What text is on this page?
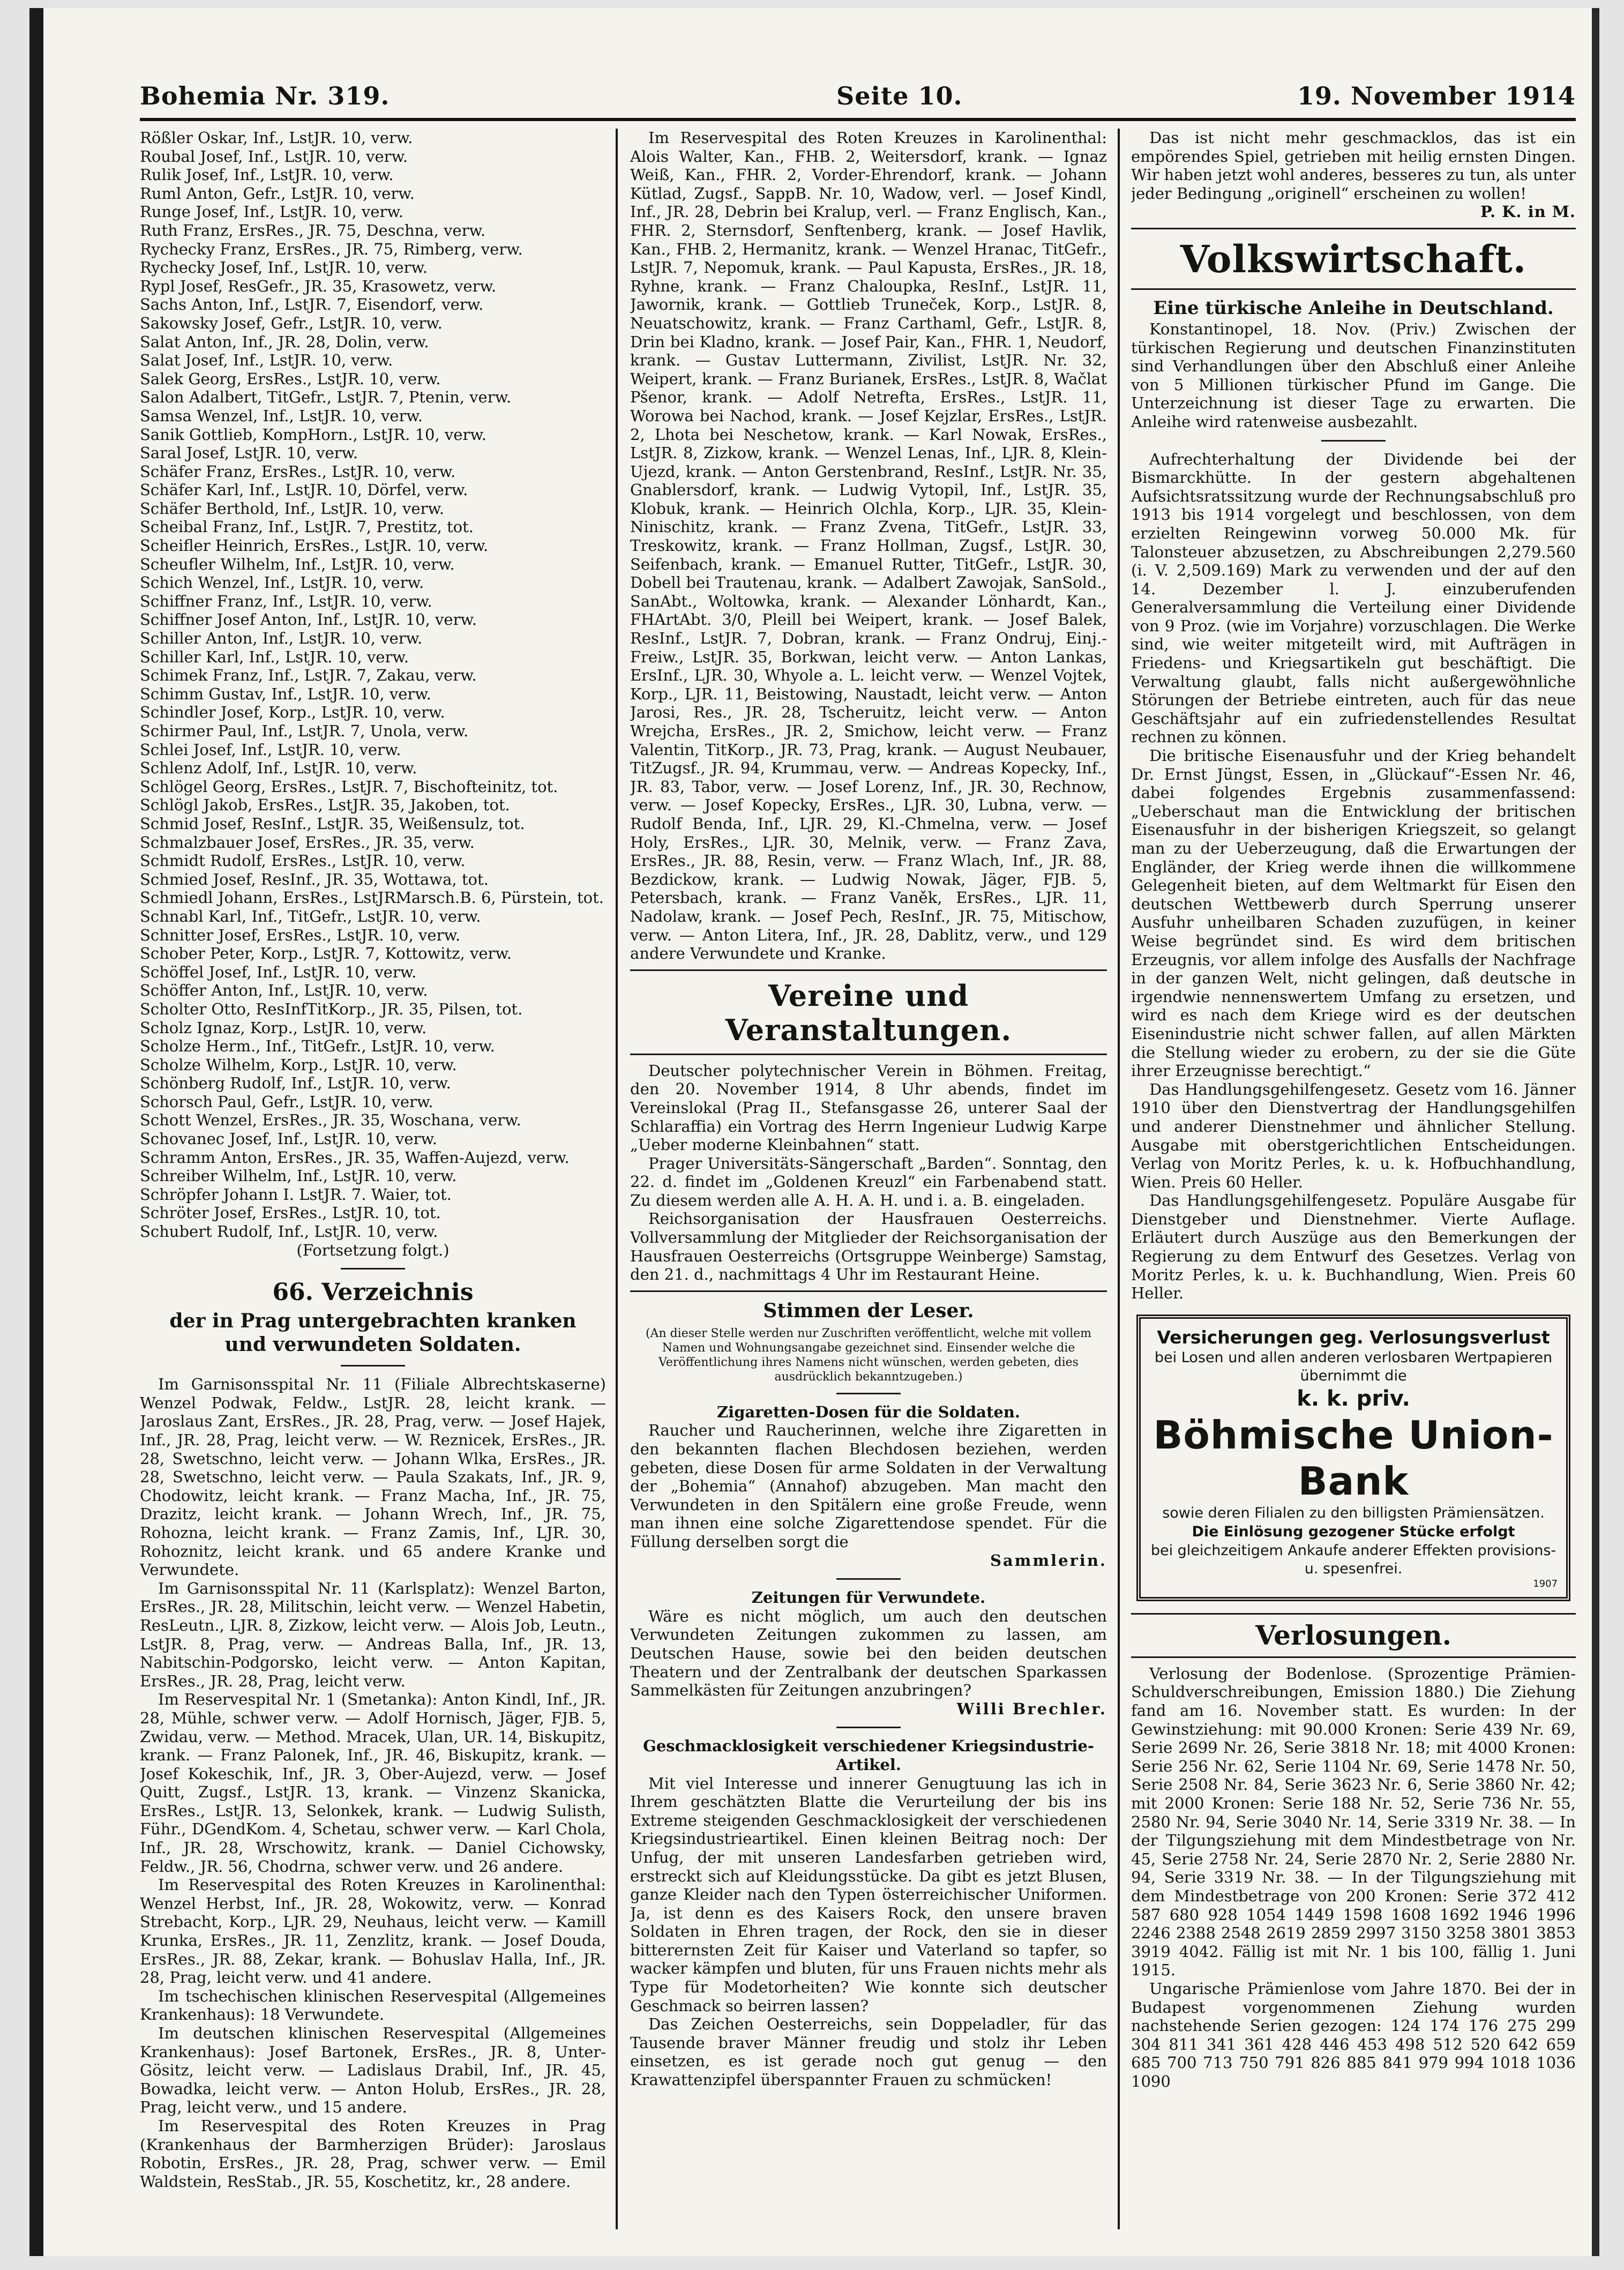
Bohemia Nr. 319.	Seite 10.	19. November 1914

Rößler Oskar, Inf., LstJR. 10, verw.

Roubal Josef, Inf., LstJR. 10, verw.

Rulik Josef, Inf., LstJR. 10, verw.

Ruml Anton, Gefr., LstJR. 10, verw.

Runge Josef, Inf., LstJR. 10, verw.

Ruth Franz, ErsRes., JR. 75, Deschna, verw.

Rychecky Franz, ErsRes., JR. 75, Rimberg, verw.

Rychecky Josef, Inf., LstJR. 10, verw.

Rypl Josef, ResGefr., JR. 35, Krasowetz, verw.

Sachs Anton, Inf., LstJR. 7, Eisendorf, verw.

Sakowsky Josef, Gefr., LstJR. 10, verw.

Salat Anton, Inf., JR. 28, Dolin, verw.

Salat Josef, Inf., LstJR. 10, verw.

Salek Georg, ErsRes., LstJR. 10, verw.

Salon Adalbert, TitGefr., LstJR. 7, Ptenin, verw.

Samsa Wenzel, Inf., LstJR. 10, verw.

Sanik Gottlieb, KompHorn., LstJR. 10, verw.

Saral Josef, LstJR. 10, verw.

Schäfer Franz, ErsRes., LstJR. 10, verw.

Schäfer Karl, Inf., LstJR. 10, Dörfel, verw.

Schäfer Berthold, Inf., LstJR. 10, verw.

Scheibal Franz, Inf., LstJR. 7, Prestitz, tot.

Scheifler Heinrich, ErsRes., LstJR. 10, verw.

Scheufler Wilhelm, Inf., LstJR. 10, verw.

Schich Wenzel, Inf., LstJR. 10, verw.

Schiffner Franz, Inf., LstJR. 10, verw.

Schiffner Josef Anton, Inf., LstJR. 10, verw.

Schiller Anton, Inf., LstJR. 10, verw.

Schiller Karl, Inf., LstJR. 10, verw.

Schimek Franz, Inf., LstJR. 7, Zakau, verw.

Schimm Gustav, Inf., LstJR. 10, verw.

Schindler Josef, Korp., LstJR. 10, verw.

Schirmer Paul, Inf., LstJR. 7, Unola, verw.

Schlei Josef, Inf., LstJR. 10, verw.

Schlenz Adolf, Inf., LstJR. 10, verw.

Schlögel Georg, ErsRes., LstJR. 7, Bischofteinitz, tot.

Schlögl Jakob, ErsRes., LstJR. 35, Jakoben, tot.

Schmid Josef, ResInf., LstJR. 35, Weißensulz, tot.

Schmalzbauer Josef, ErsRes., JR. 35, verw.

Schmidt Rudolf, ErsRes., LstJR. 10, verw.

Schmied Josef, ResInf., JR. 35, Wottawa, tot.

Schmiedl Johann, ErsRes., LstJRMarsch.B. 6, Pürstein, tot.

Schnabl Karl, Inf., TitGefr., LstJR. 10, verw.

Schnitter Josef, ErsRes., LstJR. 10, verw.

Schober Peter, Korp., LstJR. 7, Kottowitz, verw.

Schöffel Josef, Inf., LstJR. 10, verw.

Schöffer Anton, Inf., LstJR. 10, verw.

Scholter Otto, ResInfTitKorp., JR. 35, Pilsen, tot.

Scholz Ignaz, Korp., LstJR. 10, verw.

Scholze Herm., Inf., TitGefr., LstJR. 10, verw.

Scholze Wilhelm, Korp., LstJR. 10, verw.

Schönberg Rudolf, Inf., LstJR. 10, verw.

Schorsch Paul, Gefr., LstJR. 10, verw.

Schott Wenzel, ErsRes., JR. 35, Woschana, verw.

Schovanec Josef, Inf., LstJR. 10, verw.

Schramm Anton, ErsRes., JR. 35, Waffen-Aujezd, verw.

Schreiber Wilhelm, Inf., LstJR. 10, verw.

Schröpfer Johann I. LstJR. 7. Waier, tot.

Schröter Josef, ErsRes., LstJR. 10, tot.

Schubert Rudolf, Inf., LstJR. 10, verw.

(Fortsetzung folgt.)

66. Verzeichnis
der in Prag untergebrachten kranken
und verwundeten Soldaten.

Im Garnisonsspital Nr. 11 (Filiale Albrechtskaserne) Wenzel Podwak, Feldw., LstJR. 28, leicht krank. — Jaroslaus Zant, ErsRes., JR. 28, Prag, verw. — Josef Hajek, Inf., JR. 28, Prag, leicht verw. — W. Reznicek, ErsRes., JR. 28, Swetschno, leicht verw. — Johann Wlka, ErsRes., JR. 28, Swetschno, leicht verw. — Paula Szakats, Inf., JR. 9, Chodowitz, leicht krank. — Franz Macha, Inf., JR. 75, Drazitz, leicht krank. — Johann Wrech, Inf., JR. 75, Rohozna, leicht krank. — Franz Zamis, Inf., LJR. 30, Rohoznitz, leicht krank. und 65 andere Kranke und Verwundete.

Im Garnisonsspital Nr. 11 (Karlsplatz): Wenzel Barton, ErsRes., JR. 28, Militschin, leicht verw. — Wenzel Habetin, ResLeutn., LJR. 8, Zizkow, leicht verw. — Alois Job, Leutn., LstJR. 8, Prag, verw. — Andreas Balla, Inf., JR. 13, Nabitschin-Podgorsko, leicht verw. — Anton Kapitan, ErsRes., JR. 28, Prag, leicht verw.

Im Reservespital Nr. 1 (Smetanka): Anton Kindl, Inf., JR. 28, Mühle, schwer verw. — Adolf Hornisch, Jäger, FJB. 5, Zwidau, verw. — Method. Mracek, Ulan, UR. 14, Biskupitz, krank. — Franz Palonek, Inf., JR. 46, Biskupitz, krank. — Josef Kokeschik, Inf., JR. 3, Ober-Aujezd, verw. — Josef Quitt, Zugsf., LstJR. 13, krank. — Vinzenz Skanicka, ErsRes., LstJR. 13, Selonkek, krank. — Ludwig Sulisth, Führ., DGendKom. 4, Schetau, schwer verw. — Karl Chola, Inf., JR. 28, Wrschowitz, krank. — Daniel Cichowsky, Feldw., JR. 56, Chodrna, schwer verw. und 26 andere.

Im Reservespital des Roten Kreuzes in Karolinenthal: Wenzel Herbst, Inf., JR. 28, Wokowitz, verw. — Konrad Strebacht, Korp., LJR. 29, Neuhaus, leicht verw. — Kamill Krunka, ErsRes., JR. 11, Zenzlitz, krank. — Josef Douda, ErsRes., JR. 88, Zekar, krank. — Bohuslav Halla, Inf., JR. 28, Prag, leicht verw. und 41 andere.

Im tschechischen klinischen Reservespital (Allgemeines Krankenhaus): 18 Verwundete.

Im deutschen klinischen Reservespital (Allgemeines Krankenhaus): Josef Bartonek, ErsRes., JR. 8, Unter-Gösitz, leicht verw. — Ladislaus Drabil, Inf., JR. 45, Bowadka, leicht verw. — Anton Holub, ErsRes., JR. 28, Prag, leicht verw., und 15 andere.

Im Reservespital des Roten Kreuzes in Prag (Krankenhaus der Barmherzigen Brüder): Jaroslaus Robotin, ErsRes., JR. 28, Prag, schwer verw. — Emil Waldstein, ResStab., JR. 55, Koschetitz, kr., 28 andere.

Im Reservespital des Roten Kreuzes in Karolinenthal: Alois Walter, Kan., FHB. 2, Weitersdorf, krank. — Ignaz Weiß, Kan., FHR. 2, Vorder-Ehrendorf, krank. — Johann Kütlad, Zugsf., SappB. Nr. 10, Wadow, verl. — Josef Kindl, Inf., JR. 28, Debrin bei Kralup, verl. — Franz Englisch, Kan., FHR. 2, Sternsdorf, Senftenberg, krank. — Josef Havlik, Kan., FHB. 2, Hermanitz, krank. — Wenzel Hranac, TitGefr., LstJR. 7, Nepomuk, krank. — Paul Kapusta, ErsRes., JR. 18, Ryhne, krank. — Franz Chaloupka, ResInf., LstJR. 11, Jawornik, krank. — Gottlieb Truneček, Korp., LstJR. 8, Neuatschowitz, krank. — Franz Carthaml, Gefr., LstJR. 8, Drin bei Kladno, krank. — Josef Pair, Kan., FHR. 1, Neudorf, krank. — Gustav Luttermann, Zivilist, LstJR. Nr. 32, Weipert, krank. — Franz Burianek, ErsRes., LstJR. 8, Wačlat Pšenor, krank. — Adolf Netrefta, ErsRes., LstJR. 11, Worowa bei Nachod, krank. — Josef Kejzlar, ErsRes., LstJR. 2, Lhota bei Neschetow, krank. — Karl Nowak, ErsRes., LstJR. 8, Zizkow, krank. — Wenzel Lenas, Inf., LJR. 8, Klein-Ujezd, krank. — Anton Gerstenbrand, ResInf., LstJR. Nr. 35, Gnablersdorf, krank. — Ludwig Vytopil, Inf., LstJR. 35, Klobuk, krank. — Heinrich Olchla, Korp., LJR. 35, Klein-Ninischitz, krank. — Franz Zvena, TitGefr., LstJR. 33, Treskowitz, krank. — Franz Hollman, Zugsf., LstJR. 30, Seifenbach, krank. — Emanuel Rutter, TitGefr., LstJR. 30, Dobell bei Trautenau, krank. — Adalbert Zawojak, SanSold., SanAbt., Woltowka, krank. — Alexander Lönhardt, Kan., FHArtAbt. 3/0, Pleill bei Weipert, krank. — Josef Balek, ResInf., LstJR. 7, Dobran, krank. — Franz Ondruj, Einj.-Freiw., LstJR. 35, Borkwan, leicht verw. — Anton Lankas, ErsInf., LJR. 30, Whyole a. L. leicht verw. — Wenzel Vojtek, Korp., LJR. 11, Beistowing, Naustadt, leicht verw. — Anton Jarosi, Res., JR. 28, Tscheruitz, leicht verw. — Anton Wrejcha, ErsRes., JR. 2, Smichow, leicht verw. — Franz Valentin, TitKorp., JR. 73, Prag, krank. — August Neubauer, TitZugsf., JR. 94, Krummau, verw. — Andreas Kopecky, Inf., JR. 83, Tabor, verw. — Josef Lorenz, Inf., JR. 30, Rechnow, verw. — Josef Kopecky, ErsRes., LJR. 30, Lubna, verw. — Rudolf Benda, Inf., LJR. 29, Kl.-Chmelna, verw. — Josef Holy, ErsRes., LJR. 30, Melnik, verw. — Franz Zava, ErsRes., JR. 88, Resin, verw. — Franz Wlach, Inf., JR. 88, Bezdickow, krank. — Ludwig Nowak, Jäger, FJB. 5, Petersbach, krank. — Franz Vaněk, ErsRes., LJR. 11, Nadolaw, krank. — Josef Pech, ResInf., JR. 75, Mitischow, verw. — Anton Litera, Inf., JR. 28, Dablitz, verw., und 129 andere Verwundete und Kranke.

Vereine und Veranstaltungen.

Deutscher polytechnischer Verein in Böhmen. Freitag, den 20. November 1914, 8 Uhr abends, findet im Vereinslokal (Prag II., Stefansgasse 26, unterer Saal der Schlaraffia) ein Vortrag des Herrn Ingenieur Ludwig Karpe „Ueber moderne Kleinbahnen“ statt.

Prager Universitäts-Sängerschaft „Barden“. Sonntag, den 22. d. findet im „Goldenen Kreuzl“ ein Farbenabend statt. Zu diesem werden alle A. H. A. H. und i. a. B. eingeladen.

Reichsorganisation der Hausfrauen Oesterreichs. Vollversammlung der Mitglieder der Reichsorganisation der Hausfrauen Oesterreichs (Ortsgruppe Weinberge) Samstag, den 21. d., nachmittags 4 Uhr im Restaurant Heine.

Stimmen der Leser.

(An dieser Stelle werden nur Zuschriften veröffentlicht, welche mit vollem Namen und Wohnungsangabe gezeichnet sind. Einsender welche die Veröffentlichung ihres Namens nicht wünschen, werden gebeten, dies ausdrücklich bekanntzugeben.)

Zigaretten-Dosen für die Soldaten.

Raucher und Raucherinnen, welche ihre Zigaretten in den bekannten flachen Blechdosen beziehen, werden gebeten, diese Dosen für arme Soldaten in der Verwaltung der „Bohemia“ (Annahof) abzugeben. Man macht den Verwundeten in den Spitälern eine große Freude, wenn man ihnen eine solche Zigarettendose spendet. Für die Füllung derselben sorgt die

Sammlerin.

Zeitungen für Verwundete.

Wäre es nicht möglich, um auch den deutschen Verwundeten Zeitungen zukommen zu lassen, am Deutschen Hause, sowie bei den beiden deutschen Theatern und der Zentralbank der deutschen Sparkassen Sammelkästen für Zeitungen anzubringen?

Willi Brechler.

Geschmacklosigkeit verschiedener Kriegsindustrie-Artikel.

Mit viel Interesse und innerer Genugtuung las ich in Ihrem geschätzten Blatte die Verurteilung der bis ins Extreme steigenden Geschmacklosigkeit der verschiedenen Kriegsindustrieartikel. Einen kleinen Beitrag noch: Der Unfug, der mit unseren Landesfarben getrieben wird, erstreckt sich auf Kleidungsstücke. Da gibt es jetzt Blusen, ganze Kleider nach den Typen österreichischer Uniformen. Ja, ist denn es des Kaisers Rock, den unsere braven Soldaten in Ehren tragen, der Rock, den sie in dieser bitterernsten Zeit für Kaiser und Vaterland so tapfer, so wacker kämpfen und bluten, für uns Frauen nichts mehr als Type für Modetorheiten? Wie konnte sich deutscher Geschmack so beirren lassen?

Das Zeichen Oesterreichs, sein Doppeladler, für das Tausende braver Männer freudig und stolz ihr Leben einsetzen, es ist gerade noch gut genug — den Krawattenzipfel überspannter Frauen zu schmücken!

Das ist nicht mehr geschmacklos, das ist ein empörendes Spiel, getrieben mit heilig ernsten Dingen. Wir haben jetzt wohl anderes, besseres zu tun, als unter jeder Bedingung „originell“ erscheinen zu wollen!

P. K. in M.

Volkswirtschaft.
Eine türkische Anleihe in Deutschland.

Konstantinopel, 18. Nov. (Priv.) Zwischen der türkischen Regierung und deutschen Finanzinstituten sind Verhandlungen über den Abschluß einer Anleihe von 5 Millionen türkischer Pfund im Gange. Die Unterzeichnung ist dieser Tage zu erwarten. Die Anleihe wird ratenweise ausbezahlt.

Aufrechterhaltung der Dividende bei der Bismarckhütte. In der gestern abgehaltenen Aufsichtsratssitzung wurde der Rechnungsabschluß pro 1913 bis 1914 vorgelegt und beschlossen, von dem erzielten Reingewinn vorweg 50.000 Mk. für Talonsteuer abzusetzen, zu Abschreibungen 2,279.560 (i. V. 2,509.169) Mark zu verwenden und der auf den 14. Dezember l. J. einzuberufenden Generalversammlung die Verteilung einer Dividende von 9 Proz. (wie im Vorjahre) vorzuschlagen. Die Werke sind, wie weiter mitgeteilt wird, mit Aufträgen in Friedens- und Kriegsartikeln gut beschäftigt. Die Verwaltung glaubt, falls nicht außergewöhnliche Störungen der Betriebe eintreten, auch für das neue Geschäftsjahr auf ein zufriedenstellendes Resultat rechnen zu können.

Die britische Eisenausfuhr und der Krieg behandelt Dr. Ernst Jüngst, Essen, in „Glückauf“-Essen Nr. 46, dabei folgendes Ergebnis zusammenfassend: „Ueberschaut man die Entwicklung der britischen Eisenausfuhr in der bisherigen Kriegszeit, so gelangt man zu der Ueberzeugung, daß die Erwartungen der Engländer, der Krieg werde ihnen die willkommene Gelegenheit bieten, auf dem Weltmarkt für Eisen den deutschen Wettbewerb durch Sperrung unserer Ausfuhr unheilbaren Schaden zuzufügen, in keiner Weise begründet sind. Es wird dem britischen Erzeugnis, vor allem infolge des Ausfalls der Nachfrage in der ganzen Welt, nicht gelingen, daß deutsche in irgendwie nennenswertem Umfang zu ersetzen, und wird es nach dem Kriege wird es der deutschen Eisenindustrie nicht schwer fallen, auf allen Märkten die Stellung wieder zu erobern, zu der sie die Güte ihrer Erzeugnisse berechtigt.“

Das Handlungsgehilfengesetz. Gesetz vom 16. Jänner 1910 über den Dienstvertrag der Handlungsgehilfen und anderer Dienstnehmer und ähnlicher Stellung. Ausgabe mit oberstgerichtlichen Entscheidungen. Verlag von Moritz Perles, k. u. k. Hofbuchhandlung, Wien. Preis 60 Heller.

Das Handlungsgehilfengesetz. Populäre Ausgabe für Dienstgeber und Dienstnehmer. Vierte Auflage. Erläutert durch Auszüge aus den Bemerkungen der Regierung zu dem Entwurf des Gesetzes. Verlag von Moritz Perles, k. u. k. Buchhandlung, Wien. Preis 60 Heller.

Versicherungen geg. Verlosungsverlust
bei Losen und allen anderen verlosbaren Wertpapieren übernimmt die
k. k. priv.
Böhmische Union-Bank
sowie deren Filialen zu den billigsten Prämiensätzen.
Die Einlösung gezogener Stücke erfolgt
bei gleichzeitigem Ankaufe anderer Effekten provisions- u. spesenfrei.
1907
Verlosungen.

Verlosung der Bodenlose. (Sprozentige Prämien-Schuldverschreibungen, Emission 1880.) Die Ziehung fand am 16. November statt. Es wurden: In der Gewinstziehung: mit 90.000 Kronen: Serie 439 Nr. 69, Serie 2699 Nr. 26, Serie 3818 Nr. 18; mit 4000 Kronen: Serie 256 Nr. 62, Serie 1104 Nr. 69, Serie 1478 Nr. 50, Serie 2508 Nr. 84, Serie 3623 Nr. 6, Serie 3860 Nr. 42; mit 2000 Kronen: Serie 188 Nr. 52, Serie 736 Nr. 55, 2580 Nr. 94, Serie 3040 Nr. 14, Serie 3319 Nr. 38. — In der Tilgungsziehung mit dem Mindestbetrage von Nr. 45, Serie 2758 Nr. 24, Serie 2870 Nr. 2, Serie 2880 Nr. 94, Serie 3319 Nr. 38. — In der Tilgungsziehung mit dem Mindestbetrage von 200 Kronen: Serie 372 412 587 680 928 1054 1449 1598 1608 1692 1946 1996 2246 2388 2548 2619 2859 2997 3150 3258 3801 3853 3919 4042. Fällig ist mit Nr. 1 bis 100, fällig 1. Juni 1915.

Ungarische Prämienlose vom Jahre 1870. Bei der in Budapest vorgenommenen Ziehung wurden nachstehende Serien gezogen: 124 174 176 275 299 304 811 341 361 428 446 453 498 512 520 642 659 685 700 713 750 791 826 885 841 979 994 1018 1036 1090
